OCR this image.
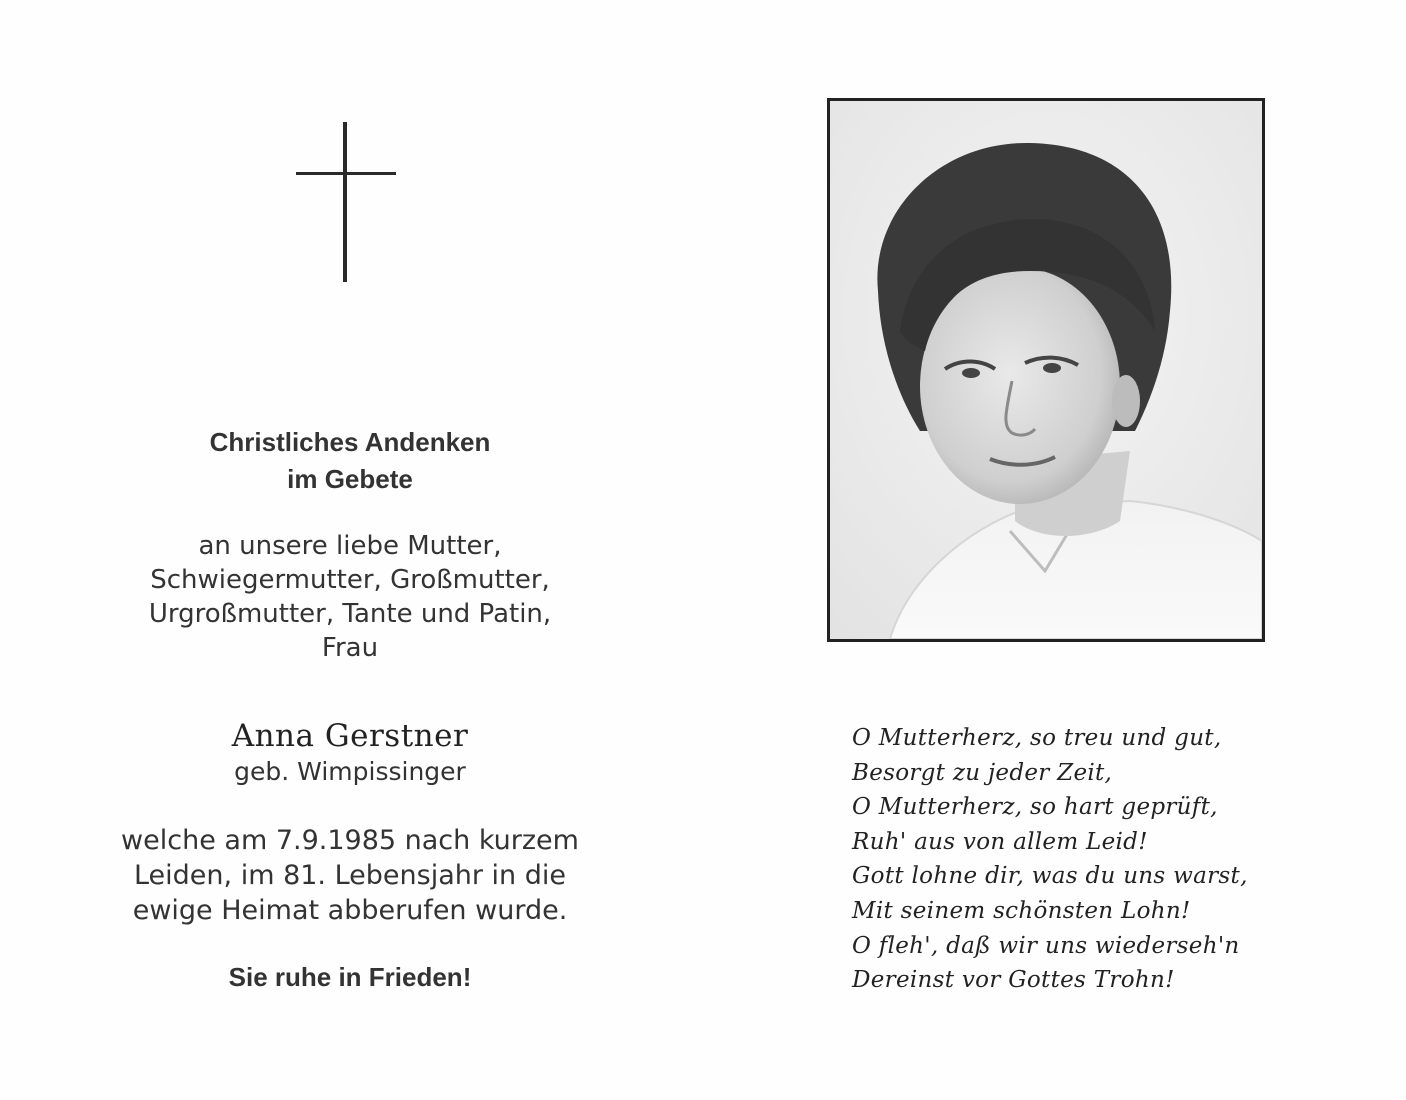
Christliches Andenken
im Gebete
an unsere liebe Mutter,
Schwiegermutter, Großmutter,
Urgroßmutter, Tante und Patin,
Frau
Anna Gerstner
geb. Wimpissinger
welche am 7.9.1985 nach kurzem
Leiden, im 81. Lebensjahr in die
ewige Heimat abberufen wurde.
Sie ruhe in Frieden!
O Mutterherz, so treu und gut,
Besorgt zu jeder Zeit,
O Mutterherz, so hart geprüft,
Ruh' aus von allem Leid!
Gott lohne dir, was du uns warst,
Mit seinem schönsten Lohn!
O fleh', daß wir uns wiederseh'n
Dereinst vor Gottes Trohn!
